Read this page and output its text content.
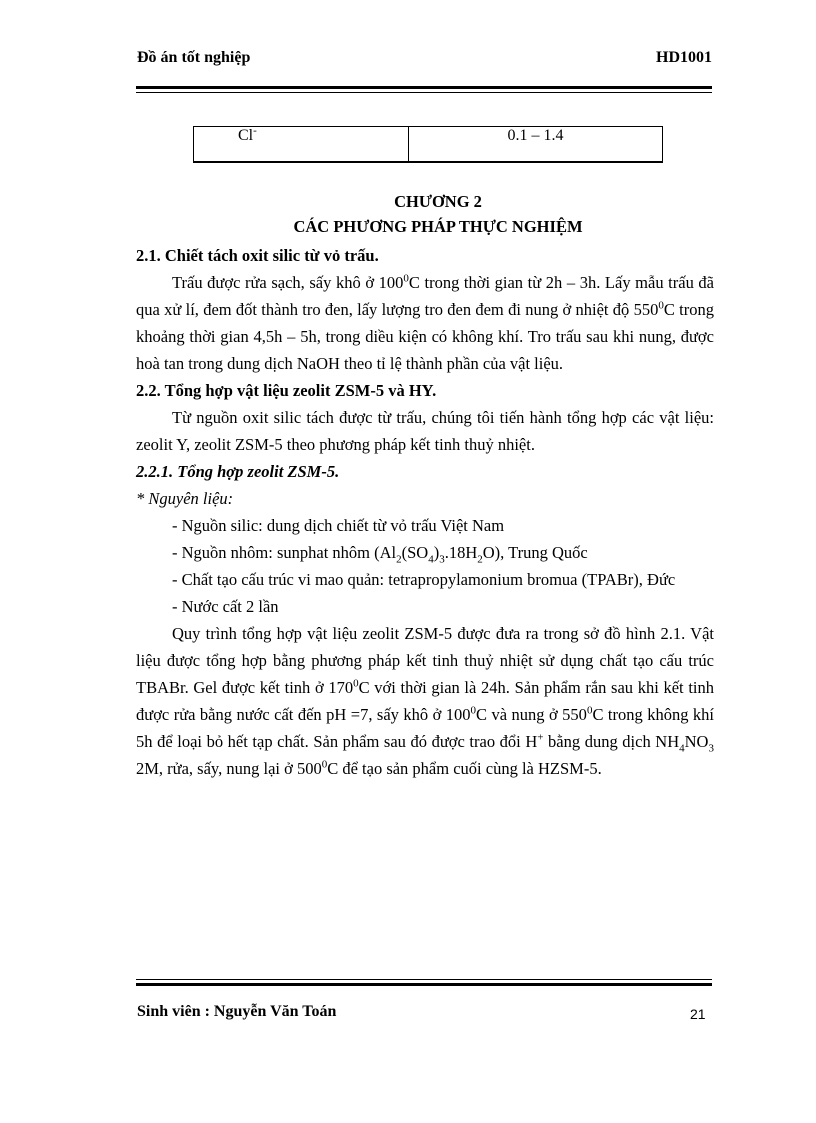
Đồ án tốt nghiệp	HD1001
Cl-	0.1 – 1.4
CHƯƠNG 2
CÁC PHƯƠNG PHÁP THỰC NGHIỆM

2.1. Chiết tách oxit silic từ vỏ trấu.

Trấu được rửa sạch, sấy khô ở $100^0C$ trong thời gian từ 2h – 3h. Lấy mẫu trấu đã qua xử lí, đem đốt thành tro đen, lấy lượng tro đen đem đi nung ở nhiệt độ $550^0C$ trong khoảng thời gian 4,5h – 5h, trong diều kiện có không khí. Tro trấu sau khi nung, được hoà tan trong dung dịch NaOH theo tỉ lệ thành phần của vật liệu.

2.2. Tổng hợp vật liệu zeolit ZSM-5 và HY.

Từ nguồn oxit silic tách được từ trấu, chúng tôi tiến hành tổng hợp các vật liệu: zeolit Y, zeolit ZSM-5 theo phương pháp kết tinh thuỷ nhiệt.

2.2.1. Tổng hợp zeolit ZSM-5.

* Nguyên liệu:

- Nguồn silic: dung dịch chiết từ vỏ trấu Việt Nam

- Nguồn nhôm: sunphat nhôm $(Al_2(SO_4)_3.18H_2O)$, Trung Quốc

- Chất tạo cấu trúc vi mao quản: tetrapropylamonium bromua (TPABr), Đức

- Nước cất 2 lần

Quy trình tổng hợp vật liệu zeolit ZSM-5 được đưa ra trong sở đồ hình 2.1. Vật liệu được tổng hợp bằng phương pháp kết tinh thuỷ nhiệt sử dụng chất tạo cấu trúc TBABr. Gel được kết tinh ở $170^0C$ với thời gian là 24h. Sản phẩm rắn sau khi kết tinh được rửa bằng nước cất đến pH =7, sấy khô ở $100^0C$ và nung ở $550^0C$ trong không khí 5h để loại bỏ hết tạp chất. Sản phẩm sau đó được trao đổi H+ bằng dung dịch $NH_4NO_3$ 2M, rửa, sấy, nung lại ở $500^0C$ để tạo sản phẩm cuối cùng là HZSM-5.

Sinh viên : Nguyễn Văn Toán	21
